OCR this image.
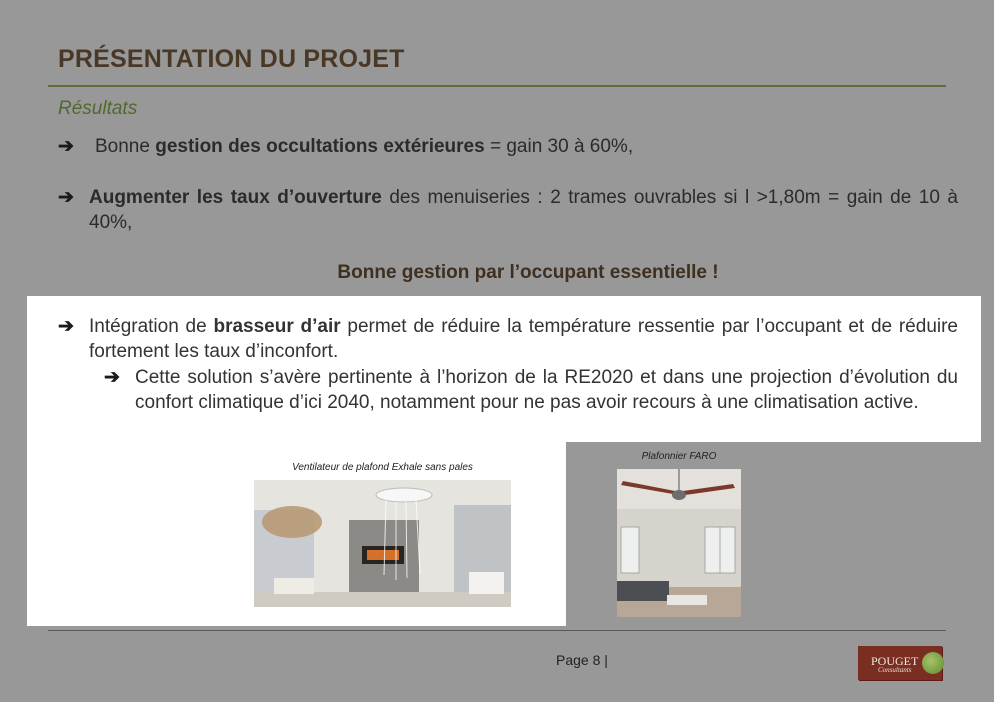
PRÉSENTATION DU PROJET
Résultats
➔ Bonne gestion des occultations extérieures = gain 30 à 60%,
➔ Augmenter les taux d’ouverture des menuiseries : 2 trames ouvrables si l >1,80m = gain de 10 à 40%,
Bonne gestion par l’occupant essentielle !
➔ Intégration de brasseur d’air permet de réduire la température ressentie par l’occupant et de réduire fortement les taux d’inconfort.
➔ Cette solution s’avère pertinente à l’horizon de la RE2020 et dans une projection d’évolution du confort climatique d’ici 2040, notamment pour ne pas avoir recours à une climatisation active.
Ventilateur de plafond Exhale sans pales
Plafonnier FARO
Page 8 |	POUGET
Consultants
